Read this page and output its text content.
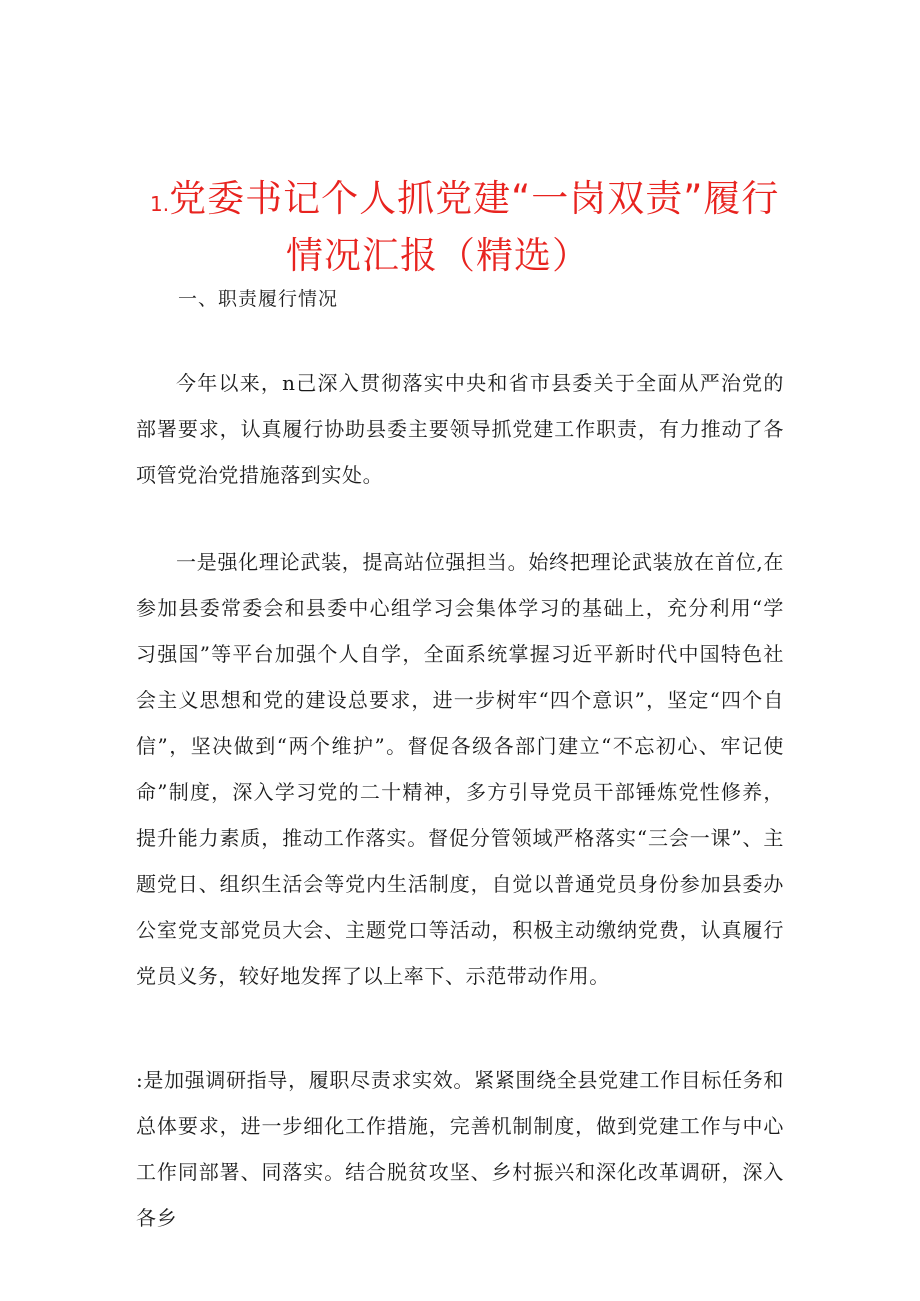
1.党委书记个人抓党建“一岗双责”履行
情况汇报（精选）
一、职责履行情况

今年以来，n己深入贯彻落实中央和省市县委关于全面从严治党的部署要求，认真履行协助县委主要领导抓党建工作职责，有力推动了各项管党治党措施落到实处。

一是强化理论武装，提高站位强担当。始终把理论武装放在首位,在参加县委常委会和县委中心组学习会集体学习的基础上，充分利用“学习强国”等平台加强个人自学，全面系统掌握习近平新时代中国特色社会主义思想和党的建设总要求，进一步树牢“四个意识”，坚定“四个自信”，坚决做到“两个维护”。督促各级各部门建立“不忘初心、牢记使命”制度，深入学习党的二十精神，多方引导党员干部锤炼党性修养，提升能力素质，推动工作落实。督促分管领域严格落实“三会一课”、主题党日、组织生活会等党内生活制度，自觉以普通党员身份参加县委办公室党支部党员大会、主题党口等活动，积极主动缴纳党费，认真履行党员义务，较好地发挥了以上率下、示范带动作用。

:是加强调研指导，履职尽责求实效。紧紧围绕全县党建工作目标任务和总体要求，进一步细化工作措施，完善机制制度，做到党建工作与中心工作同部署、同落实。结合脱贫攻坚、乡村振兴和深化改革调研，深入各乡
